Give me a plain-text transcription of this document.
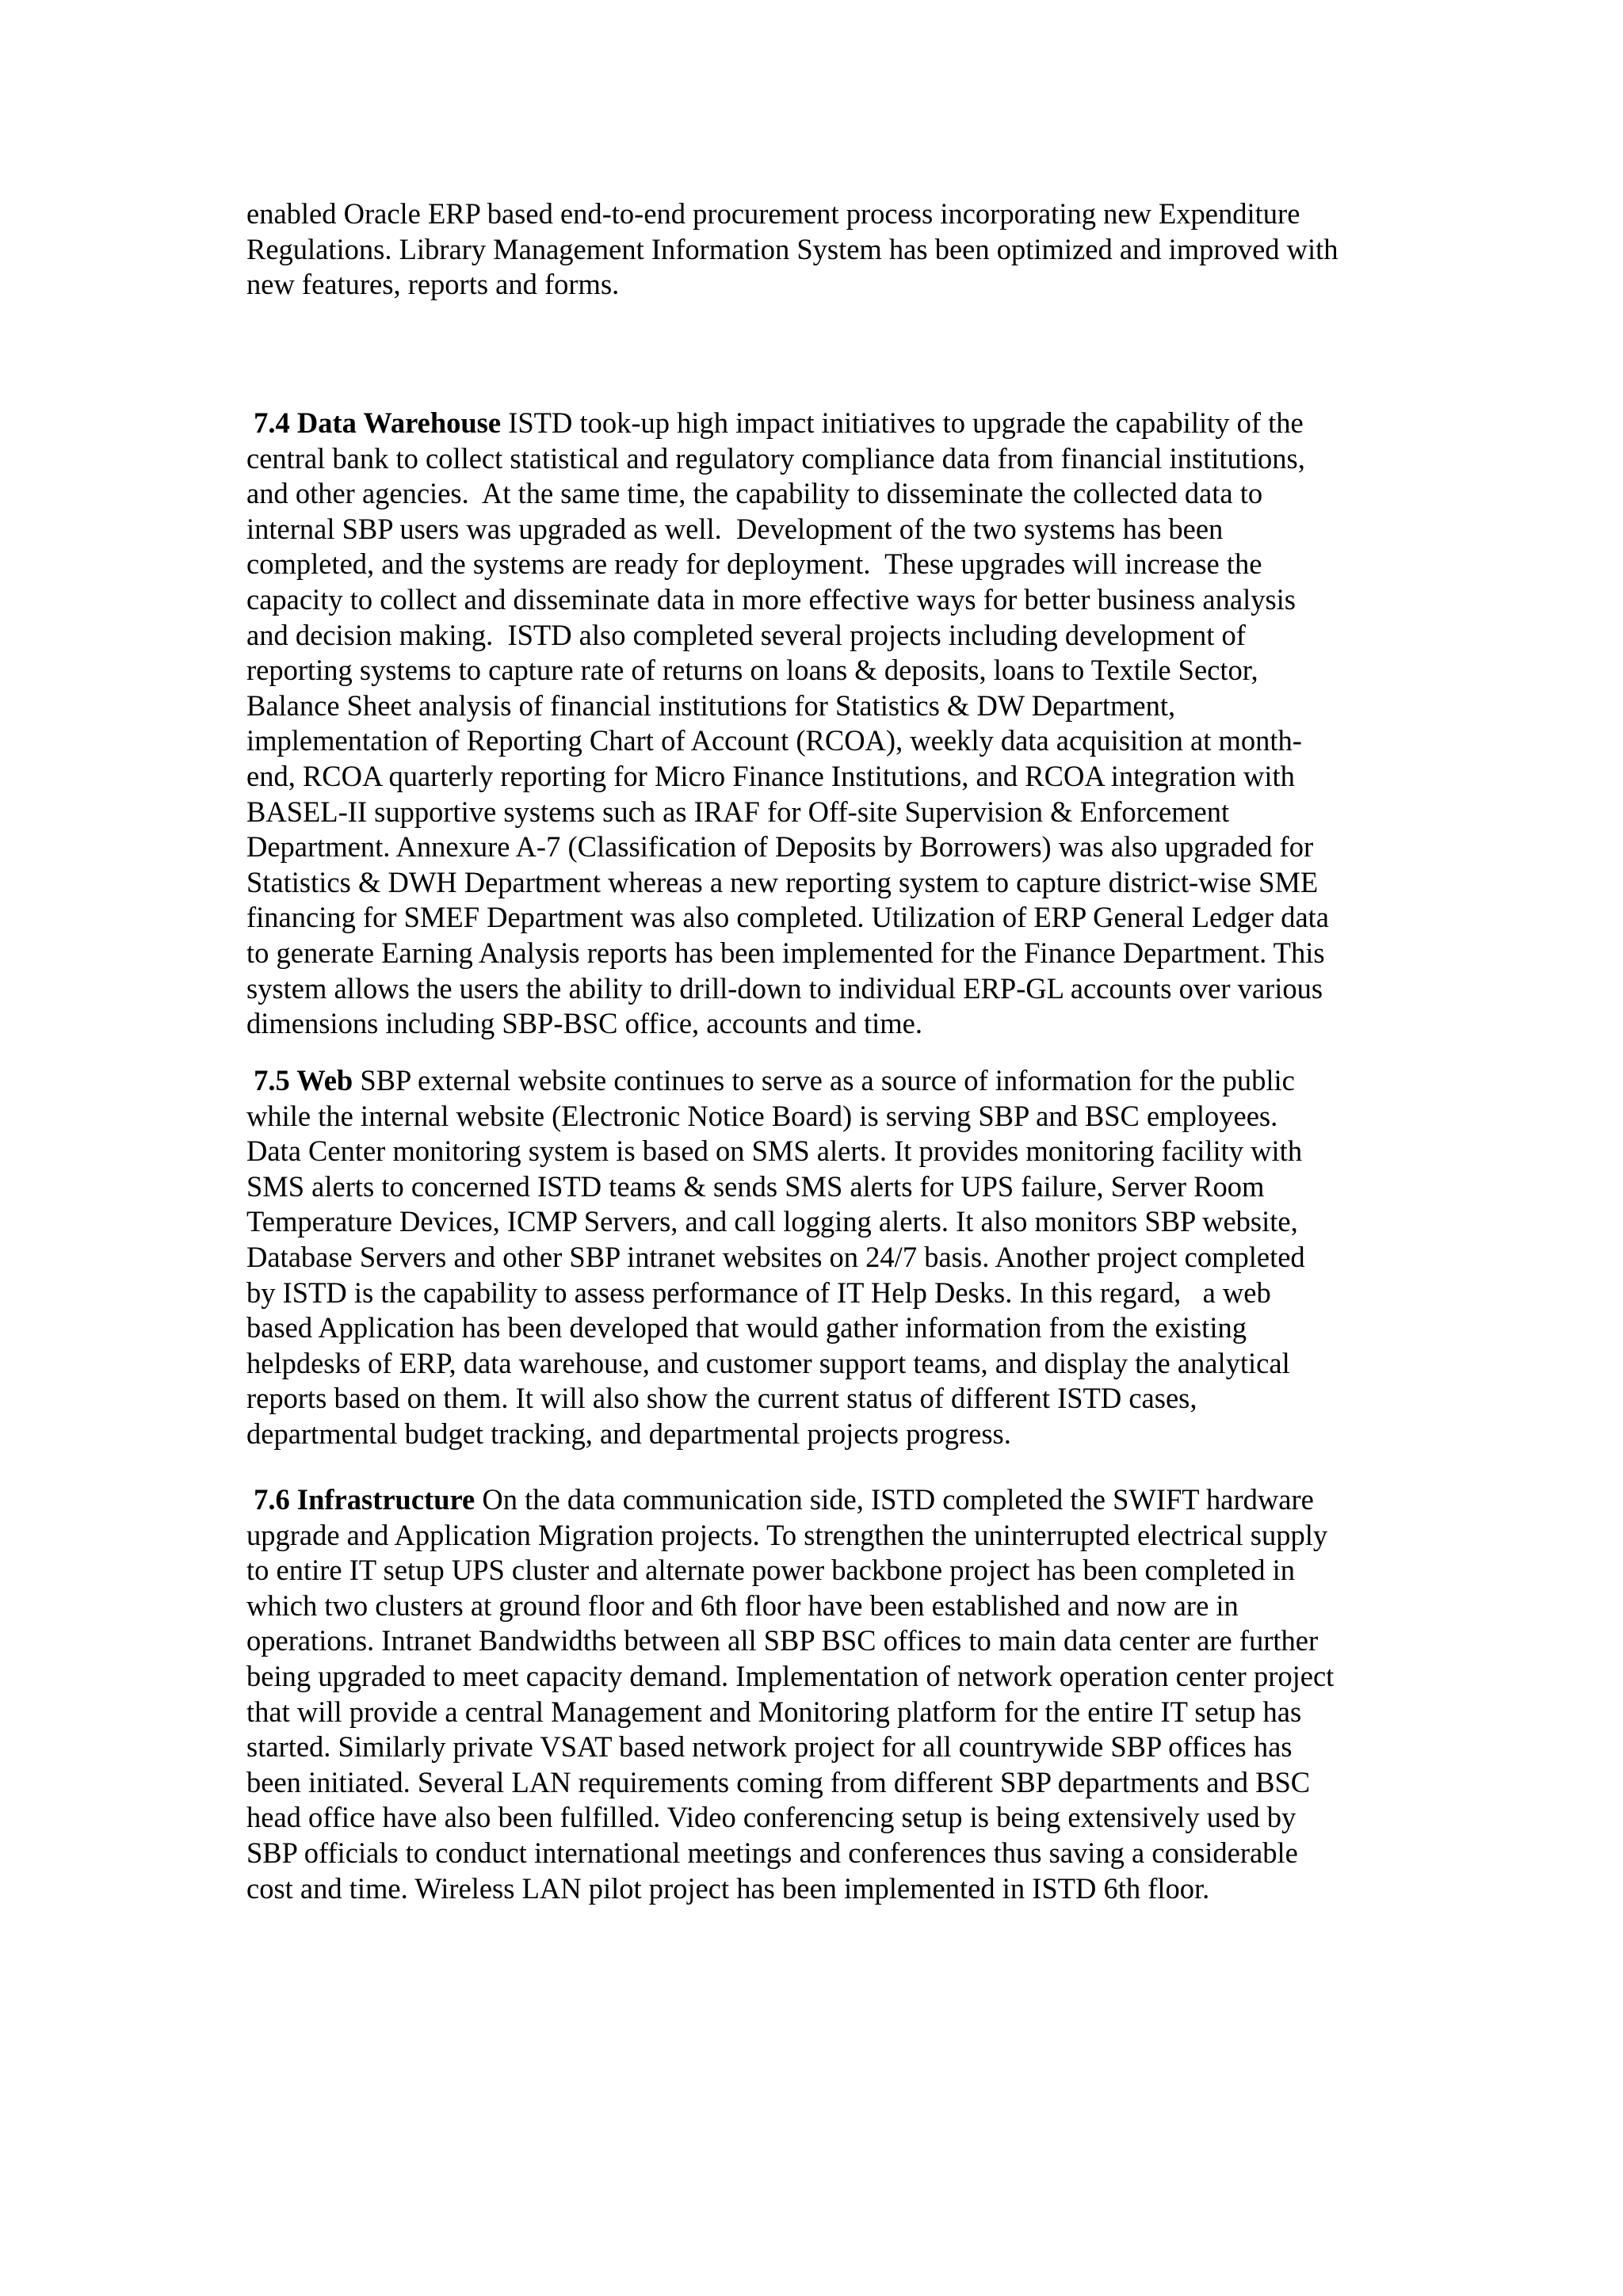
enabled Oracle ERP based end-to-end procurement process incorporating new Expenditure
Regulations. Library Management Information System has been optimized and improved with
new features, reports and forms.
7.4 Data Warehouse ISTD took-up high impact initiatives to upgrade the capability of the
central bank to collect statistical and regulatory compliance data from financial institutions,
and other agencies.  At the same time, the capability to disseminate the collected data to
internal SBP users was upgraded as well.  Development of the two systems has been
completed, and the systems are ready for deployment.  These upgrades will increase the
capacity to collect and disseminate data in more effective ways for better business analysis
and decision making.  ISTD also completed several projects including development of
reporting systems to capture rate of returns on loans & deposits, loans to Textile Sector,
Balance Sheet analysis of financial institutions for Statistics & DW Department,
implementation of Reporting Chart of Account (RCOA), weekly data acquisition at month-
end, RCOA quarterly reporting for Micro Finance Institutions, and RCOA integration with
BASEL-II supportive systems such as IRAF for Off-site Supervision & Enforcement
Department. Annexure A-7 (Classification of Deposits by Borrowers) was also upgraded for
Statistics & DWH Department whereas a new reporting system to capture district-wise SME
financing for SMEF Department was also completed. Utilization of ERP General Ledger data
to generate Earning Analysis reports has been implemented for the Finance Department. This
system allows the users the ability to drill-down to individual ERP-GL accounts over various
dimensions including SBP-BSC office, accounts and time.
7.5 Web SBP external website continues to serve as a source of information for the public
while the internal website (Electronic Notice Board) is serving SBP and BSC employees.
Data Center monitoring system is based on SMS alerts. It provides monitoring facility with
SMS alerts to concerned ISTD teams & sends SMS alerts for UPS failure, Server Room
Temperature Devices, ICMP Servers, and call logging alerts. It also monitors SBP website,
Database Servers and other SBP intranet websites on 24/7 basis. Another project completed
by ISTD is the capability to assess performance of IT Help Desks. In this regard,   a web
based Application has been developed that would gather information from the existing
helpdesks of ERP, data warehouse, and customer support teams, and display the analytical
reports based on them. It will also show the current status of different ISTD cases,
departmental budget tracking, and departmental projects progress.
7.6 Infrastructure On the data communication side, ISTD completed the SWIFT hardware
upgrade and Application Migration projects. To strengthen the uninterrupted electrical supply
to entire IT setup UPS cluster and alternate power backbone project has been completed in
which two clusters at ground floor and 6th floor have been established and now are in
operations. Intranet Bandwidths between all SBP BSC offices to main data center are further
being upgraded to meet capacity demand. Implementation of network operation center project
that will provide a central Management and Monitoring platform for the entire IT setup has
started. Similarly private VSAT based network project for all countrywide SBP offices has
been initiated. Several LAN requirements coming from different SBP departments and BSC
head office have also been fulfilled. Video conferencing setup is being extensively used by
SBP officials to conduct international meetings and conferences thus saving a considerable
cost and time. Wireless LAN pilot project has been implemented in ISTD 6th floor.
